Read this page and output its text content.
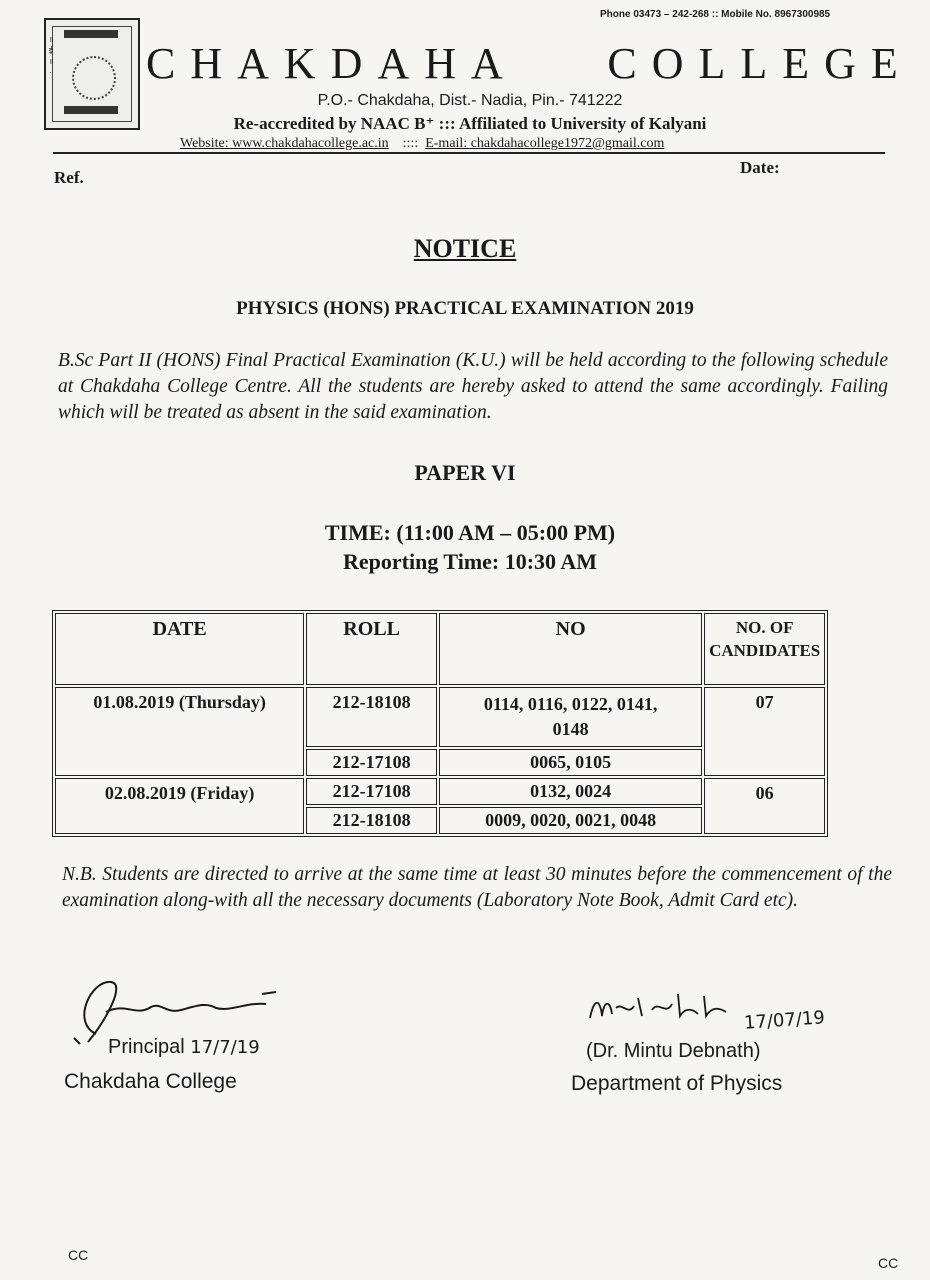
Phone 03473 – 242-268 :: Mobile No. 8967300985
॥
ई
॥
· CHAKDAHA COLLEGE
P.O.- Chakdaha, Dist.- Nadia, Pin.- 741222
Re-accredited by NAAC B⁺ ::: Affiliated to University of Kalyani
Website: www.chakdahacollege.ac.in :::: E-mail: chakdahacollege1972@gmail.com
Ref.
Date:
NOTICE
PHYSICS (HONS) PRACTICAL EXAMINATION 2019
B.Sc Part II (HONS) Final Practical Examination (K.U.) will be held according to the following schedule at Chakdaha College Centre. All the students are hereby asked to attend the same accordingly. Failing which will be treated as absent in the said examination.
PAPER VI
TIME: (11:00 AM – 05:00 PM)
Reporting Time: 10:30 AM
DATE	ROLL	NO	NO. OF CANDIDATES
01.08.2019 (Thursday)	212-18108	0114, 0116, 0122, 0141, 0148	07
	212-17108	0065, 0105	
02.08.2019 (Friday)	212-17108	0132, 0024	06
	212-18108	0009, 0020, 0021, 0048	
N.B. Students are directed to arrive at the same time at least 30 minutes before the commencement of the examination along-with all the necessary documents (Laboratory Note Book, Admit Card etc).
Principal 17/7/19
Chakdaha College
17/07/19
(Dr. Mintu Debnath)
Department of Physics
CC	CC
